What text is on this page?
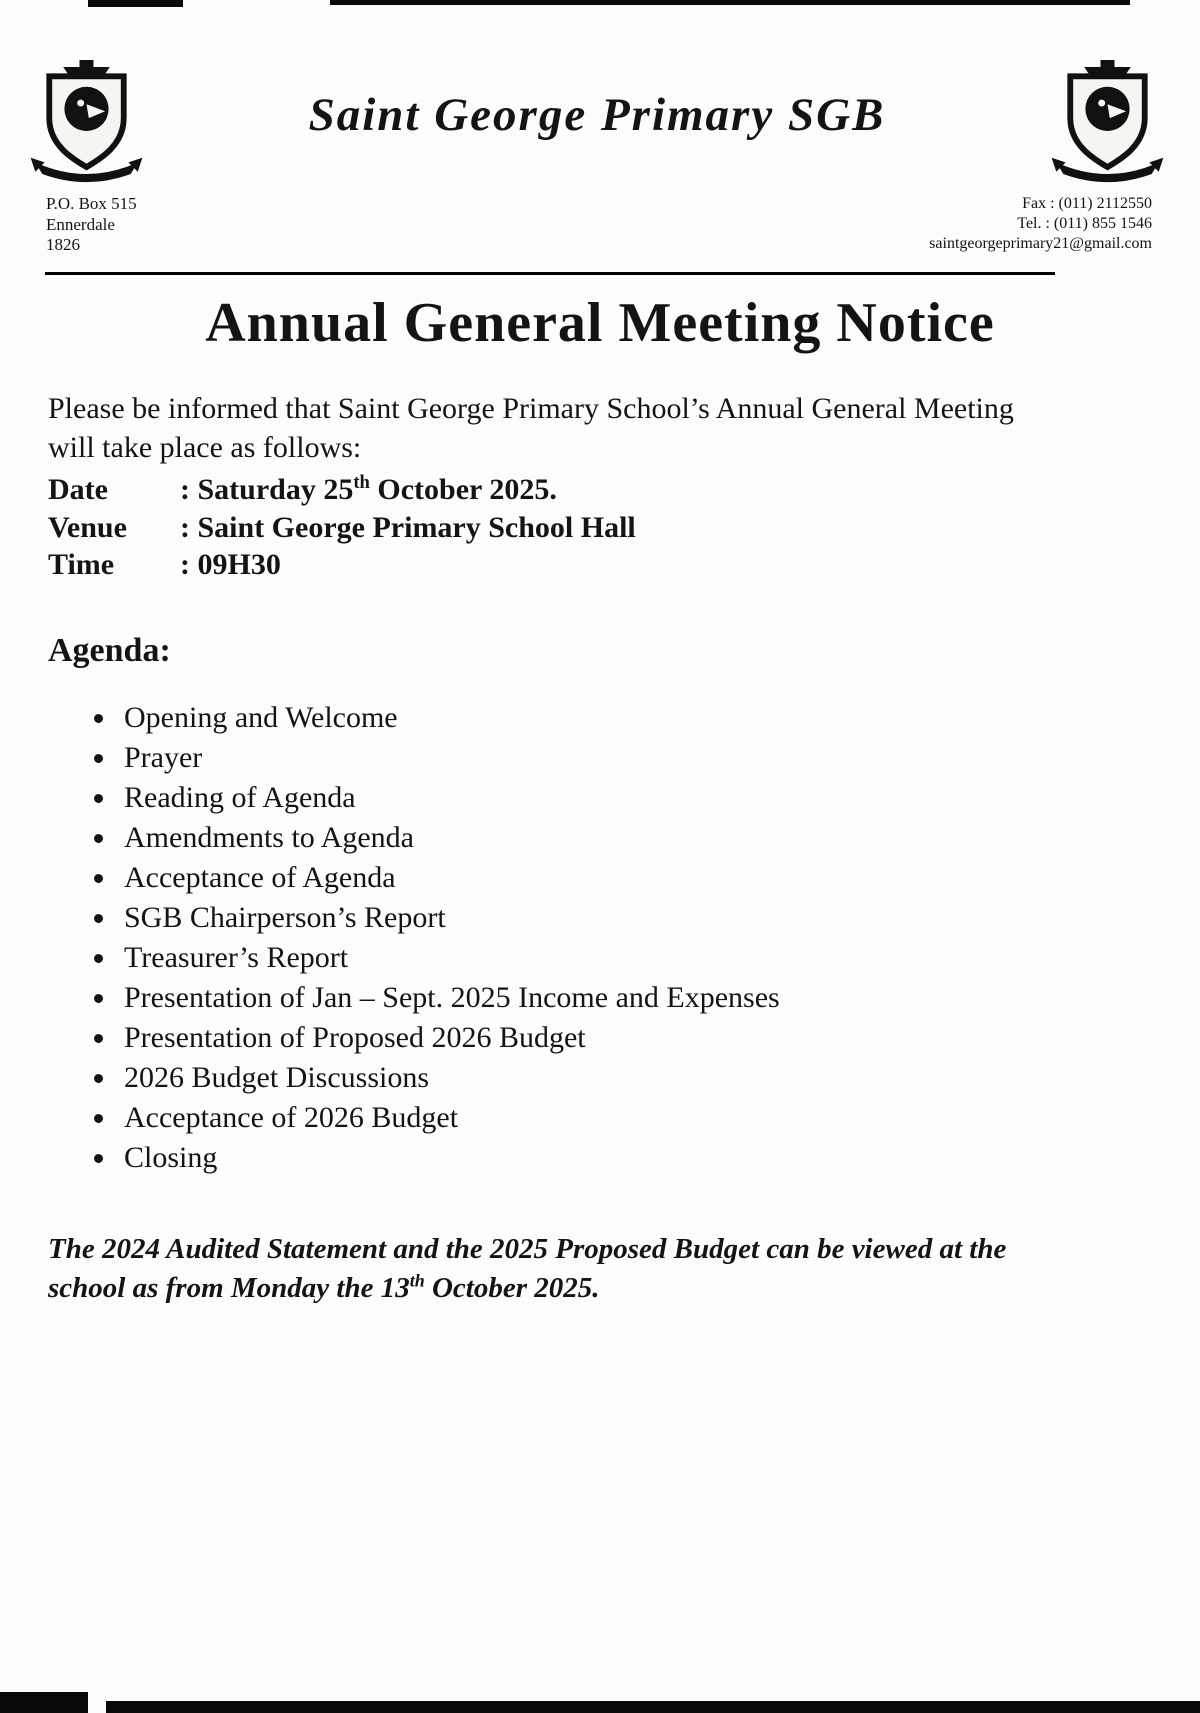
Saint George Primary SGB
P.O. Box 515
Ennerdale
1826
Fax : (011) 2112550
Tel. : (011) 855 1546
saintgeorgeprimary21@gmail.com
Annual General Meeting Notice

Please be informed that Saint George Primary School’s Annual General Meeting will take place as follows:

Date : Saturday 25th October 2025.
Venue : Saint George Primary School Hall
Time : 09H30
Agenda:
• Opening and Welcome
• Prayer
• Reading of Agenda
• Amendments to Agenda
• Acceptance of Agenda
• SGB Chairperson’s Report
• Treasurer’s Report
• Presentation of Jan – Sept. 2025 Income and Expenses
• Presentation of Proposed 2026 Budget
• 2026 Budget Discussions
• Acceptance of 2026 Budget
• Closing

The 2024 Audited Statement and the 2025 Proposed Budget can be viewed at the school as from Monday the 13th October 2025.
